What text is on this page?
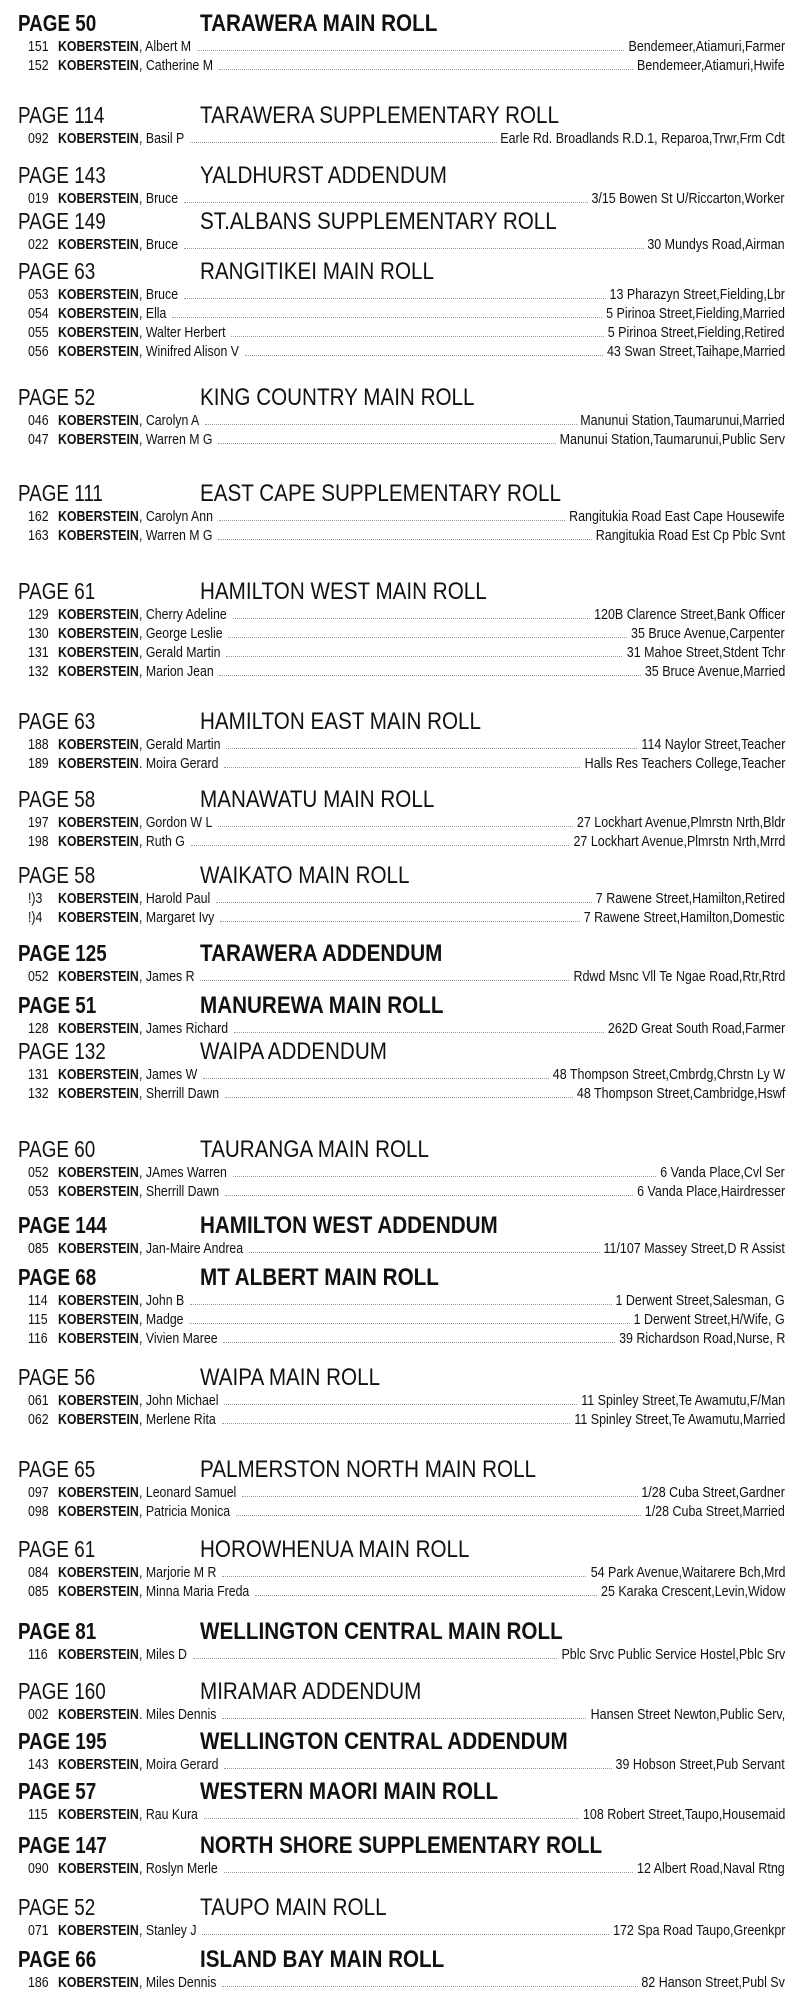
PAGE 50	TARAWERA MAIN ROLL
151 KOBERSTEIN , Albert M	Bendemeer,Atiamuri,Farmer
152 KOBERSTEIN , Catherine M	Bendemeer,Atiamuri,Hwife
PAGE 114	TARAWERA SUPPLEMENTARY ROLL
092 KOBERSTEIN , Basil P	Earle Rd. Broadlands R.D.1, Reparoa,Trwr,Frm Cdt
PAGE 143	YALDHURST ADDENDUM
019 KOBERSTEIN , Bruce	3/15 Bowen St U/Riccarton,Worker
PAGE 149	ST.ALBANS SUPPLEMENTARY ROLL
022 KOBERSTEIN , Bruce	30 Mundys Road,Airman
PAGE 63	RANGITIKEI MAIN ROLL
053 KOBERSTEIN , Bruce	13 Pharazyn Street,Fielding,Lbr
054 KOBERSTEIN , Ella	5 Pirinoa Street,Fielding,Married
055 KOBERSTEIN , Walter Herbert	5 Pirinoa Street,Fielding,Retired
056 KOBERSTEIN , Winifred Alison V	43 Swan Street,Taihape,Married
PAGE 52	KING COUNTRY MAIN ROLL
046 KOBERSTEIN , Carolyn A	Manunui Station,Taumarunui,Married
047 KOBERSTEIN , Warren M G	Manunui Station,Taumarunui,Public Serv
PAGE 111	EAST CAPE SUPPLEMENTARY ROLL
162 KOBERSTEIN , Carolyn Ann	Rangitukia Road East Cape Housewife
163 KOBERSTEIN , Warren M G	Rangitukia Road Est Cp Pblc Svnt
PAGE 61	HAMILTON WEST MAIN ROLL
129 KOBERSTEIN , Cherry Adeline	120B Clarence Street,Bank Officer
130 KOBERSTEIN , George Leslie	35 Bruce Avenue,Carpenter
131 KOBERSTEIN , Gerald Martin	31 Mahoe Street,Stdent Tchr
132 KOBERSTEIN , Marion Jean	35 Bruce Avenue,Married
PAGE 63	HAMILTON EAST MAIN ROLL
188 KOBERSTEIN , Gerald Martin	114 Naylor Street,Teacher
189 KOBERSTEIN . Moira Gerard	Halls Res Teachers College,Teacher
PAGE 58	MANAWATU MAIN ROLL
197 KOBERSTEIN , Gordon W L	27 Lockhart Avenue,Plmrstn Nrth,Bldr
198 KOBERSTEIN , Ruth G	27 Lockhart Avenue,Plmrstn Nrth,Mrrd
PAGE 58	WAIKATO MAIN ROLL
!)3 KOBERSTEIN , Harold Paul	7 Rawene Street,Hamilton,Retired
!)4 KOBERSTEIN , Margaret Ivy	7 Rawene Street,Hamilton,Domestic
PAGE 125	TARAWERA ADDENDUM
052 KOBERSTEIN , James R	Rdwd Msnc Vll Te Ngae Road,Rtr,Rtrd
PAGE 51	MANUREWA MAIN ROLL
128 KOBERSTEIN , James Richard	262D Great South Road,Farmer
PAGE 132	WAIPA ADDENDUM
131 KOBERSTEIN , James W	48 Thompson Street,Cmbrdg,Chrstn Ly W
132 KOBERSTEIN , Sherrill Dawn	48 Thompson Street,Cambridge,Hswf
PAGE 60	TAURANGA MAIN ROLL
052 KOBERSTEIN , JAmes Warren	6 Vanda Place,Cvl Ser
053 KOBERSTEIN , Sherrill Dawn	6 Vanda Place,Hairdresser
PAGE 144	HAMILTON WEST ADDENDUM
085 KOBERSTEIN , Jan-Maire Andrea	11/107 Massey Street,D R Assist
PAGE 68	MT ALBERT MAIN ROLL
114 KOBERSTEIN , John B	1 Derwent Street,Salesman, G
115 KOBERSTEIN , Madge	1 Derwent Street,H/Wife, G
116 KOBERSTEIN , Vivien Maree	39 Richardson Road,Nurse, R
PAGE 56	WAIPA MAIN ROLL
061 KOBERSTEIN , John Michael	11 Spinley Street,Te Awamutu,F/Man
062 KOBERSTEIN , Merlene Rita	11 Spinley Street,Te Awamutu,Married
PAGE 65	PALMERSTON NORTH MAIN ROLL
097 KOBERSTEIN , Leonard Samuel	1/28 Cuba Street,Gardner
098 KOBERSTEIN , Patricia Monica	1/28 Cuba Street,Married
PAGE 61	HOROWHENUA MAIN ROLL
084 KOBERSTEIN , Marjorie M R	54 Park Avenue,Waitarere Bch,Mrd
085 KOBERSTEIN , Minna Maria Freda	25 Karaka Crescent,Levin,Widow
PAGE 81	WELLINGTON CENTRAL MAIN ROLL
116 KOBERSTEIN , Miles D	Pblc Srvc Public Service Hostel,Pblc Srv
PAGE 160	MIRAMAR ADDENDUM
002 KOBERSTEIN . Miles Dennis	Hansen Street Newton,Public Serv,
PAGE 195	WELLINGTON CENTRAL ADDENDUM
143 KOBERSTEIN , Moira Gerard	39 Hobson Street,Pub Servant
PAGE 57	WESTERN MAORI MAIN ROLL
115 KOBERSTEIN , Rau Kura	108 Robert Street,Taupo,Housemaid
PAGE 147	NORTH SHORE SUPPLEMENTARY ROLL
090 KOBERSTEIN , Roslyn Merle	12 Albert Road,Naval Rtng
PAGE 52	TAUPO MAIN ROLL
071 KOBERSTEIN , Stanley J	172 Spa Road Taupo,Greenkpr
PAGE 66	ISLAND BAY MAIN ROLL
186 KOBERSTEIN , Miles Dennis	82 Hanson Street,Publ Sv
